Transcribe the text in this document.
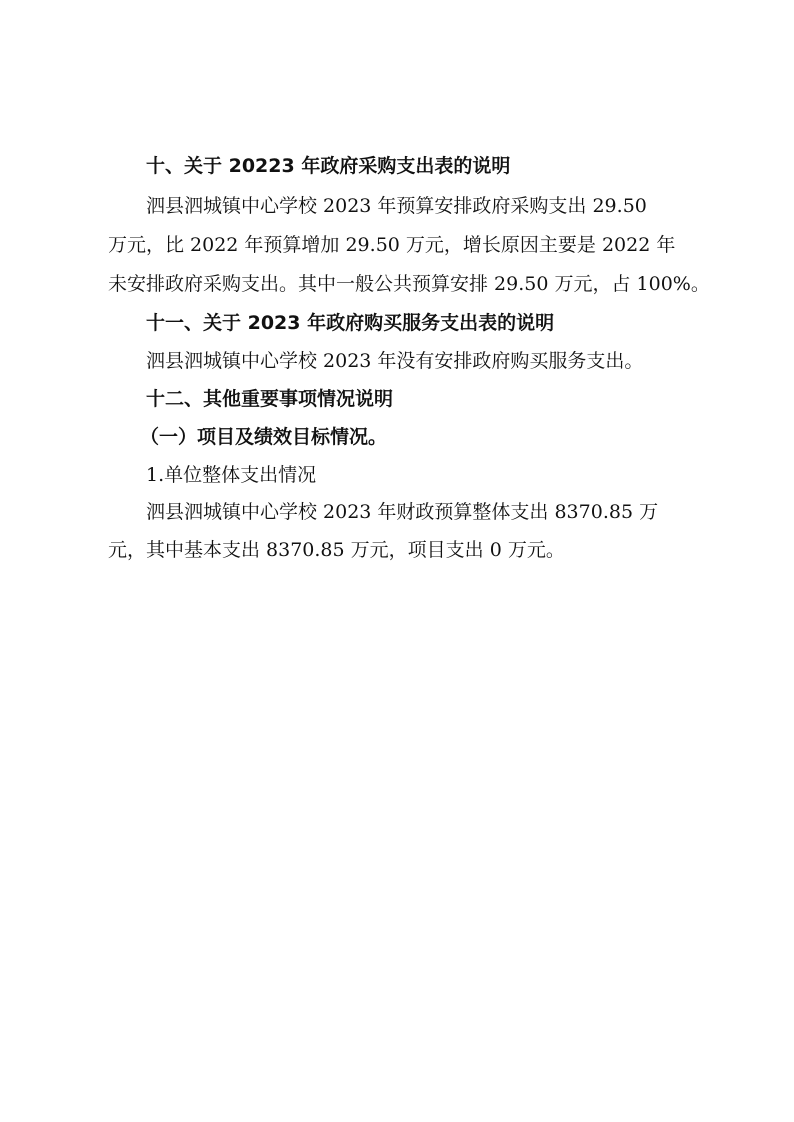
十、关于 20223 年政府采购支出表的说明
泗县泗城镇中心学校 2023 年预算安排政府采购支出 29.50
万元，比 2022 年预算增加 29.50 万元，增长原因主要是 2022 年
未安排政府采购支出。其中一般公共预算安排 29.50 万元，占 100%。
十一、关于 2023 年政府购买服务支出表的说明
泗县泗城镇中心学校 2023 年没有安排政府购买服务支出。
十二、其他重要事项情况说明
（一）项目及绩效目标情况。
1.单位整体支出情况
泗县泗城镇中心学校 2023 年财政预算整体支出 8370.85 万
元，其中基本支出 8370.85 万元，项目支出 0 万元。
